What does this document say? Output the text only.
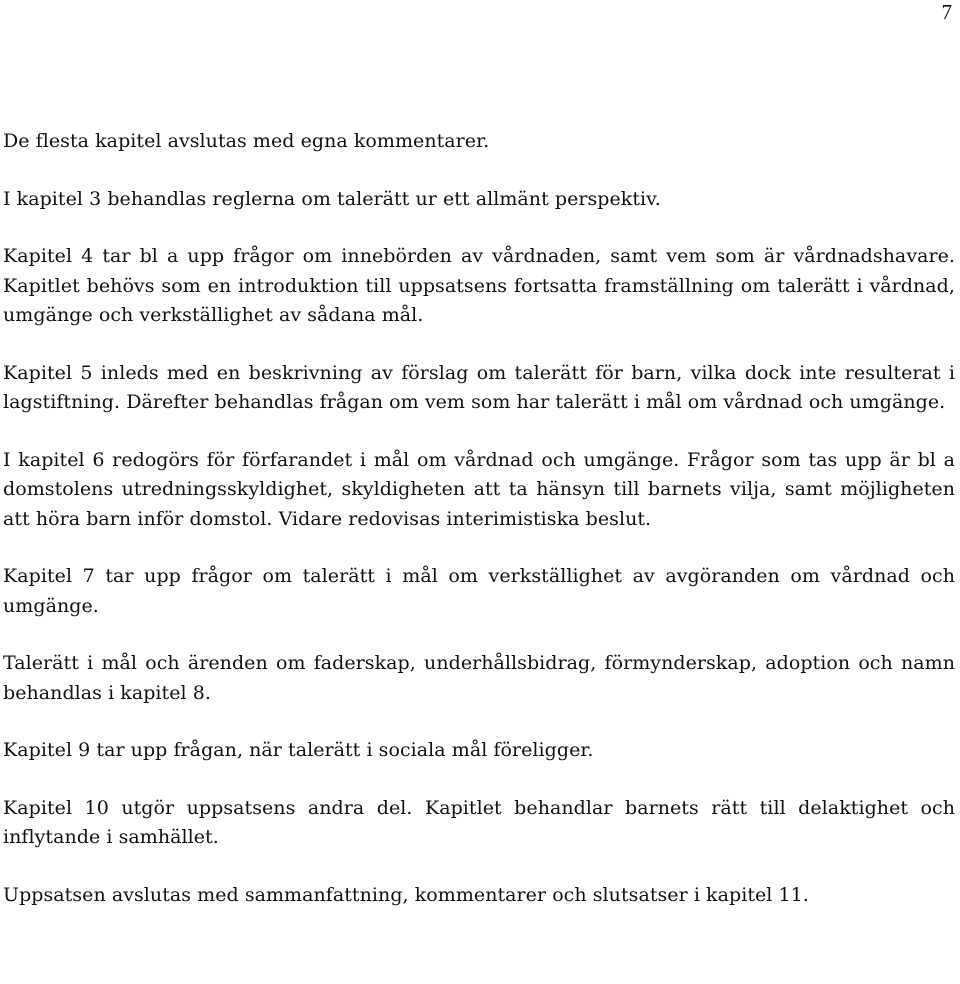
7

De flesta kapitel avslutas med egna kommentarer.

I kapitel 3 behandlas reglerna om talerätt ur ett allmänt perspektiv.

Kapitel 4 tar bl a upp frågor om innebörden av vårdnaden, samt vem som är vårdnadshavare. Kapitlet behövs som en introduktion till uppsatsens fortsatta framställning om talerätt i vårdnad, umgänge och verkställighet av sådana mål.

Kapitel 5 inleds med en beskrivning av förslag om talerätt för barn, vilka dock inte resulterat i lagstiftning. Därefter behandlas frågan om vem som har talerätt i mål om vårdnad och umgänge.

I kapitel 6 redogörs för förfarandet i mål om vårdnad och umgänge. Frågor som tas upp är bl a domstolens utredningsskyldighet, skyldigheten att ta hänsyn till barnets vilja, samt möjligheten att höra barn inför domstol. Vidare redovisas interimistiska beslut.

Kapitel 7 tar upp frågor om talerätt i mål om verkställighet av avgöranden om vårdnad och umgänge.

Talerätt i mål och ärenden om faderskap, underhållsbidrag, förmynderskap, adoption och namn behandlas i kapitel 8.

Kapitel 9 tar upp frågan, när talerätt i sociala mål föreligger.

Kapitel 10 utgör uppsatsens andra del. Kapitlet behandlar barnets rätt till delaktighet och inflytande i samhället.

Uppsatsen avslutas med sammanfattning, kommentarer och slutsatser i kapitel 11.
